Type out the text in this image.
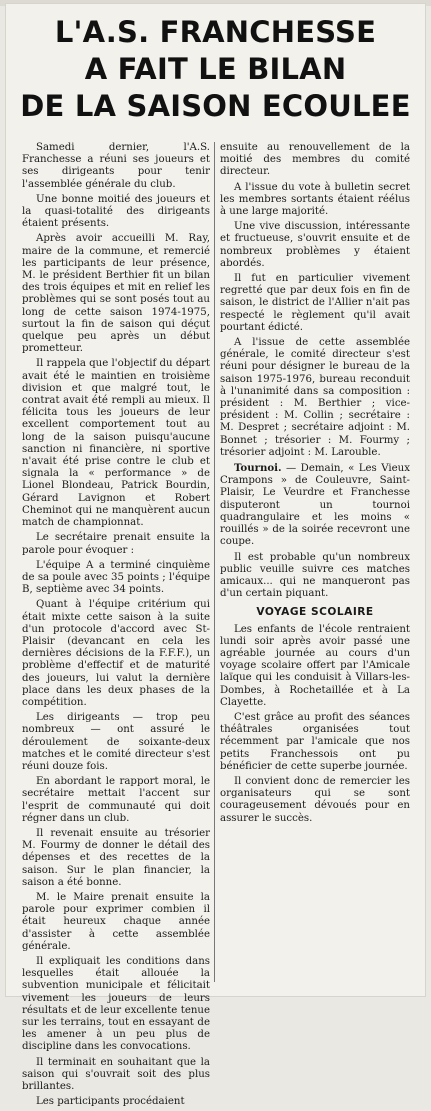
L'A.S. FRANCHESSE
A FAIT LE BILAN
DE LA SAISON ECOULEE

Samedi dernier, l'A.S. Franchesse a réuni ses joueurs et ses dirigeants pour tenir l'assemblée générale du club.

Une bonne moitié des joueurs et la quasi-totalité des dirigeants étaient présents.

Après avoir accueilli M. Ray, maire de la commune, et remercié les participants de leur présence, M. le président Berthier fit un bilan des trois équipes et mit en relief les problèmes qui se sont posés tout au long de cette saison 1974-1975, surtout la fin de saison qui déçut quelque peu après un début prometteur.

Il rappela que l'objectif du départ avait été le maintien en troisième division et que malgré tout, le contrat avait été rempli au mieux. Il félicita tous les joueurs de leur excellent comportement tout au long de la saison puisqu'aucune sanction ni financière, ni sportive n'avait été prise contre le club et signala la « performance » de Lionel Blondeau, Patrick Bourdin, Gérard Lavignon et Robert Cheminot qui ne manquèrent aucun match de championnat.

Le secrétaire prenait ensuite la parole pour évoquer :

L'équipe A a terminé cinquième de sa poule avec 35 points ; l'équipe B, septième avec 34 points.

Quant à l'équipe critérium qui était mixte cette saison à la suite d'un protocole d'accord avec St-Plaisir (devancant en cela les dernières décisions de la F.F.F.), un problème d'effectif et de maturité des joueurs, lui valut la dernière place dans les deux phases de la compétition.

Les dirigeants — trop peu nombreux — ont assuré le déroulement de soixante-deux matches et le comité directeur s'est réuni douze fois.

En abordant le rapport moral, le secrétaire mettait l'accent sur l'esprit de communauté qui doit régner dans un club.

Il revenait ensuite au trésorier M. Fourmy de donner le détail des dépenses et des recettes de la saison. Sur le plan financier, la saison a été bonne.

M. le Maire prenait ensuite la parole pour exprimer combien il était heureux chaque année d'assister à cette assemblée générale.

Il expliquait les conditions dans lesquelles était allouée la subvention municipale et félicitait vivement les joueurs de leurs résultats et de leur excellente tenue sur les terrains, tout en essayant de les amener à un peu plus de discipline dans les convocations.

Il terminait en souhaitant que la saison qui s'ouvrait soit des plus brillantes.

Les participants procédaient

ensuite au renouvellement de la moitié des membres du comité directeur.

A l'issue du vote à bulletin secret les membres sortants étaient réélus à une large majorité.

Une vive discussion, intéressante et fructueuse, s'ouvrit ensuite et de nombreux problèmes y étaient abordés.

Il fut en particulier vivement regretté que par deux fois en fin de saison, le district de l'Allier n'ait pas respecté le règlement qu'il avait pourtant édicté.

A l'issue de cette assemblée générale, le comité directeur s'est réuni pour désigner le bureau de la saison 1975-1976, bureau reconduit à l'unanimité dans sa composition : président : M. Berthier ; vice-président : M. Collin ; secrétaire : M. Despret ; secrétaire adjoint : M. Bonnet ; trésorier : M. Fourmy ; trésorier adjoint : M. Larouble.

Tournoi. — Demain, « Les Vieux Crampons » de Couleuvre, Saint-Plaisir, Le Veurdre et Franchesse disputeront un tournoi quadrangulaire et les moins « rouillés » de la soirée recevront une coupe.

Il est probable qu'un nombreux public veuille suivre ces matches amicaux... qui ne manqueront pas d'un certain piquant.

VOYAGE SCOLAIRE

Les enfants de l'école rentraient lundi soir après avoir passé une agréable journée au cours d'un voyage scolaire offert par l'Amicale laïque qui les conduisit à Villars-les-Dombes, à Rochetaillée et à La Clayette.

C'est grâce au profit des séances théâtrales organisées tout récemment par l'amicale que nos petits Franchessois ont pu bénéficier de cette superbe journée.

Il convient donc de remercier les organisateurs qui se sont courageusement dévoués pour en assurer le succès.
